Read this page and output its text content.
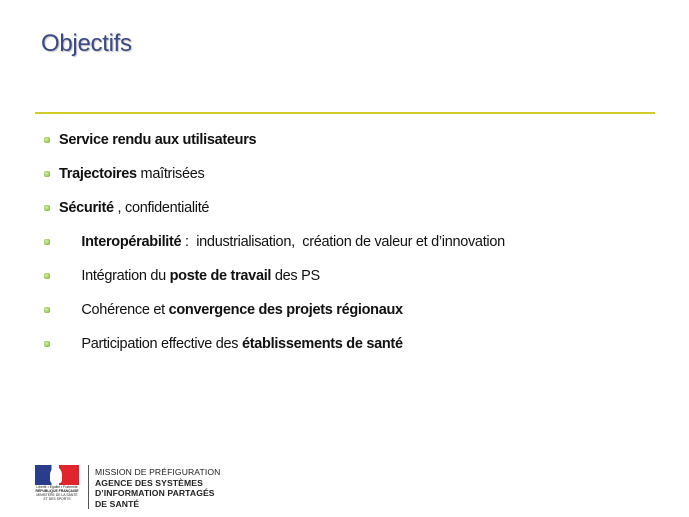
Objectifs
Service rendu aux utilisateurs
Trajectoires maîtrisées
Sécurité , confidentialité

Interopérabilité :  industrialisation,  création de valeur et d’innovation

Intégration du poste de travail des PS

Cohérence et convergence des projets régionaux

Participation effective des établissements de santé

Liberté • Égalité • Fraternité
RÉPUBLIQUE FRANÇAISE
MINISTÈRE DE LA SANTÉ
ET DES SPORTS
MISSION DE PRÉFIGURATION
AGENCE DES SYSTÈMES
D’INFORMATION PARTAGÉS
DE SANTÉ
